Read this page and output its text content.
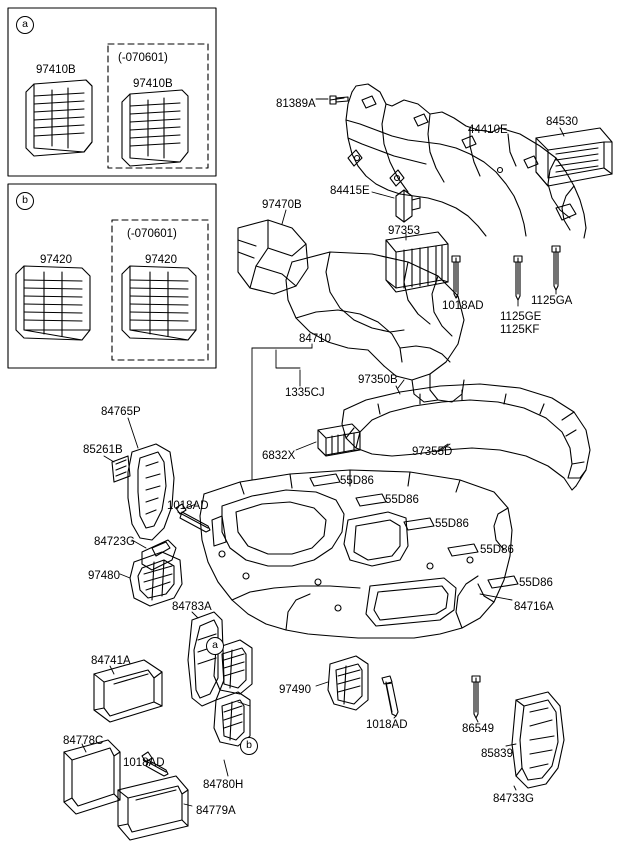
97410B
97410B
(-070601)
97420	97420
(-070601)
81389A
44410E
84530
84415E
97470B
97353
1018AD	1125GA
1125GE
1125KF
84710
1335CJ
97350B
84765P
85261B	6832X	97355D
55D86
55D86
55D86
55D86
55D86
1018AD
84723G
97480
84783A	84716A
84741A
97490
1018AD	86549
85839
84778C
1018AD
84780H
84779A
84733G
a
b
a
b
